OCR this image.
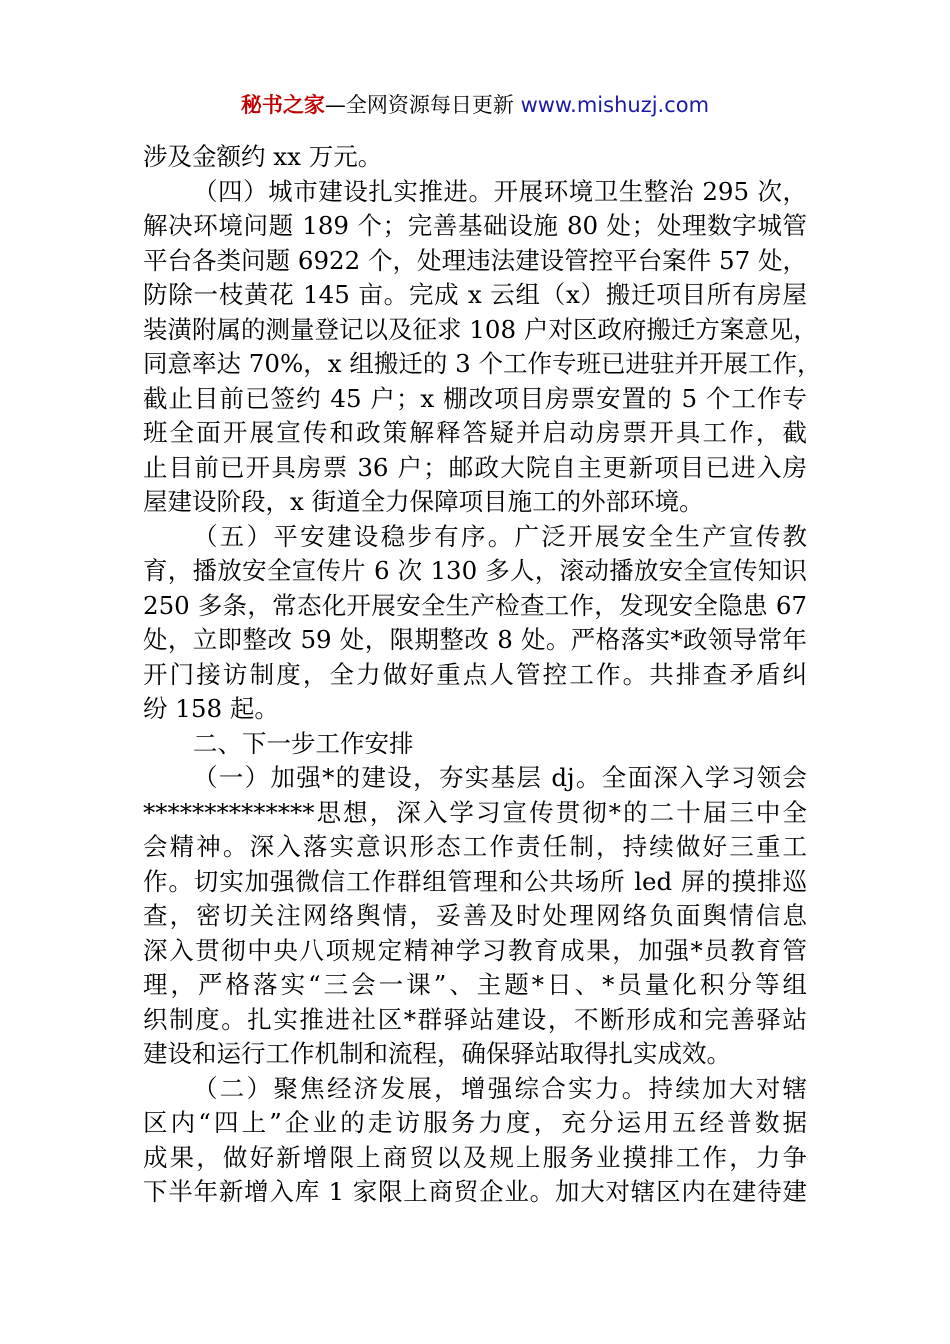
秘书之家—全网资源每日更新 www.mishuzj.com
涉及金额约 xx 万元。
（四）城市建设扎实推进。开展环境卫生整治 295 次，
解决环境问题 189 个；完善基础设施 80 处；处理数字城管
平台各类问题 6922 个，处理违法建设管控平台案件 57 处，
防除一枝黄花 145 亩。完成 x 云组（x）搬迁项目所有房屋
装潢附属的测量登记以及征求 108 户对区政府搬迁方案意见，
同意率达 70%，x 组搬迁的 3 个工作专班已进驻并开展工作，
截止目前已签约 45 户；x 棚改项目房票安置的 5 个工作专
班全面开展宣传和政策解释答疑并启动房票开具工作，截
止目前已开具房票 36 户；邮政大院自主更新项目已进入房
屋建设阶段，x 街道全力保障项目施工的外部环境。
（五）平安建设稳步有序。广泛开展安全生产宣传教
育，播放安全宣传片 6 次 130 多人，滚动播放安全宣传知识
250 多条，常态化开展安全生产检查工作，发现安全隐患 67
处，立即整改 59 处，限期整改 8 处。严格落实*政领导常年
开门接访制度，全力做好重点人管控工作。共排查矛盾纠
纷 158 起。
二、下一步工作安排
（一）加强*的建设，夯实基层 dj。全面深入学习领会
**************思想，深入学习宣传贯彻*的二十届三中全
会精神。深入落实意识形态工作责任制，持续做好三重工
作。切实加强微信工作群组管理和公共场所 led 屏的摸排巡
查，密切关注网络舆情，妥善及时处理网络负面舆情信息
深入贯彻中央八项规定精神学习教育成果，加强*员教育管
理，严格落实“三会一课”、主题*日、*员量化积分等组
织制度。扎实推进社区*群驿站建设，不断形成和完善驿站
建设和运行工作机制和流程，确保驿站取得扎实成效。
（二）聚焦经济发展，增强综合实力。持续加大对辖
区内“四上”企业的走访服务力度，充分运用五经普数据
成果，做好新增限上商贸以及规上服务业摸排工作，力争
下半年新增入库 1 家限上商贸企业。加大对辖区内在建待建
